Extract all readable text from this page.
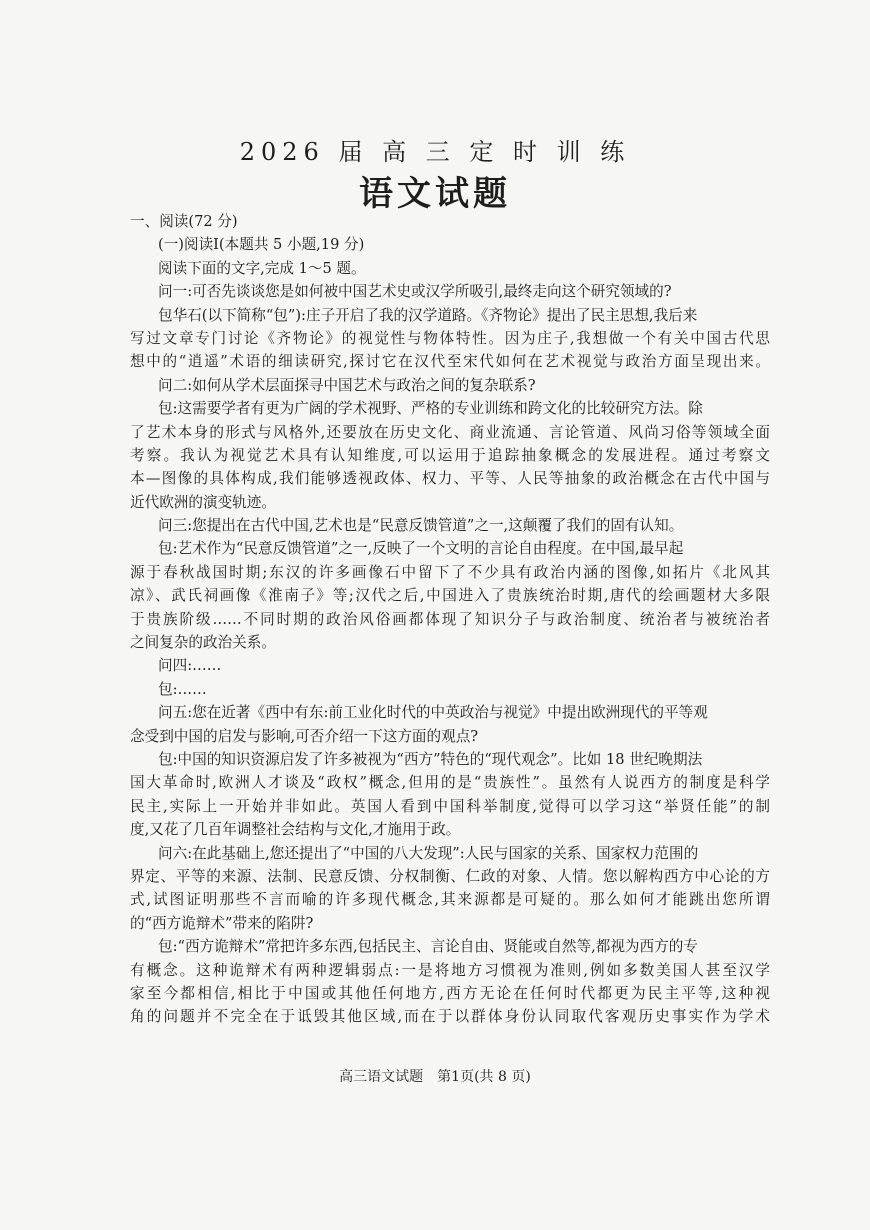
2026 届 高 三 定 时 训 练
语文试题
一、阅读(72 分)
(一)阅读Ⅰ(本题共 5 小题,19 分)
阅读下面的文字,完成 1～5 题。
问一:可否先谈谈您是如何被中国艺术史或汉学所吸引,最终走向这个研究领域的?
包华石(以下简称“包”):庄子开启了我的汉学道路。《齐物论》提出了民主思想,我后来
写过文章专门讨论《齐物论》的视觉性与物体特性。因为庄子,我想做一个有关中国古代思
想中的“逍遥”术语的细读研究,探讨它在汉代至宋代如何在艺术视觉与政治方面呈现出来。
问二:如何从学术层面探寻中国艺术与政治之间的复杂联系?
包:这需要学者有更为广阔的学术视野、严格的专业训练和跨文化的比较研究方法。除
了艺术本身的形式与风格外,还要放在历史文化、商业流通、言论管道、风尚习俗等领域全面
考察。我认为视觉艺术具有认知维度,可以运用于追踪抽象概念的发展进程。通过考察文
本—图像的具体构成,我们能够透视政体、权力、平等、人民等抽象的政治概念在古代中国与
近代欧洲的演变轨迹。
问三:您提出在古代中国,艺术也是“民意反馈管道”之一,这颠覆了我们的固有认知。
包:艺术作为“民意反馈管道”之一,反映了一个文明的言论自由程度。在中国,最早起
源于春秋战国时期;东汉的许多画像石中留下了不少具有政治内涵的图像,如拓片《北风其
凉》、武氏祠画像《淮南子》等;汉代之后,中国进入了贵族统治时期,唐代的绘画题材大多限
于贵族阶级……不同时期的政治风俗画都体现了知识分子与政治制度、统治者与被统治者
之间复杂的政治关系。
问四:……
包:……
问五:您在近著《西中有东:前工业化时代的中英政治与视觉》中提出欧洲现代的平等观
念受到中国的启发与影响,可否介绍一下这方面的观点?
包:中国的知识资源启发了许多被视为“西方”特色的“现代观念”。比如 18 世纪晚期法
国大革命时,欧洲人才谈及“政权”概念,但用的是“贵族性”。虽然有人说西方的制度是科学
民主,实际上一开始并非如此。英国人看到中国科举制度,觉得可以学习这“举贤任能”的制
度,又花了几百年调整社会结构与文化,才施用于政。
问六:在此基础上,您还提出了“中国的八大发现”:人民与国家的关系、国家权力范围的
界定、平等的来源、法制、民意反馈、分权制衡、仁政的对象、人情。您以解构西方中心论的方
式,试图证明那些不言而喻的许多现代概念,其来源都是可疑的。那么如何才能跳出您所谓
的“西方诡辩术”带来的陷阱?
包:“西方诡辩术”常把许多东西,包括民主、言论自由、贤能或自然等,都视为西方的专
有概念。这种诡辩术有两种逻辑弱点:一是将地方习惯视为准则,例如多数美国人甚至汉学
家至今都相信,相比于中国或其他任何地方,西方无论在任何时代都更为民主平等,这种视
角的问题并不完全在于诋毁其他区域,而在于以群体身份认同取代客观历史事实作为学术
高三语文试题　第1页(共 8 页)
